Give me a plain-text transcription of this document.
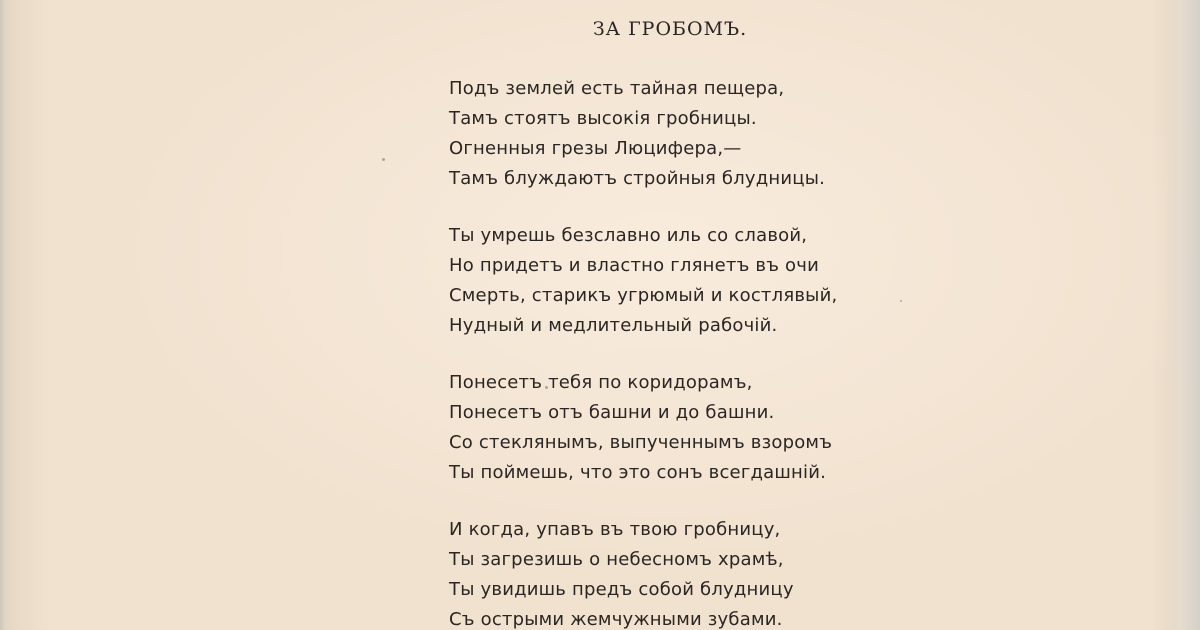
ЗА ГРОБОМЪ.
Подъ землей есть тайная пещера,
Тамъ стоятъ высокія гробницы.
Огненныя грезы Люцифера,—
Тамъ блуждаютъ стройныя блудницы.
Ты умрешь безславно иль со славой,
Но придетъ и властно глянетъ въ очи
Смерть, старикъ угрюмый и костлявый,
Нудный и медлительный рабочій.
Понесетъ тебя по коридорамъ,
Понесетъ отъ башни и до башни.
Со стеклянымъ, выпученнымъ взоромъ
Ты поймешь, что это сонъ всегдашній.
И когда, упавъ въ твою гробницу,
Ты загрезишь о небесномъ храмѣ,
Ты увидишь предъ собой блудницу
Съ острыми жемчужными зубами.
